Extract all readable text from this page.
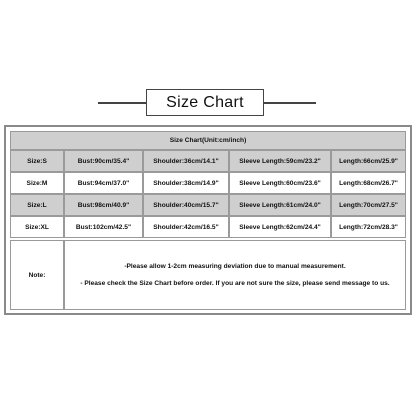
Size Chart
Size Chart(Unit:cm/inch)
Size:S	Bust:90cm/35.4"	Shoulder:36cm/14.1"	Sleeve Length:59cm/23.2"	Length:66cm/25.9"
Size:M	Bust:94cm/37.0"	Shoulder:38cm/14.9"	Sleeve Length:60cm/23.6"	Length:68cm/26.7"
Size:L	Bust:98cm/40.9"	Shoulder:40cm/15.7"	Sleeve Length:61cm/24.0"	Length:70cm/27.5"
Size:XL	Bust:102cm/42.5"	Shoulder:42cm/16.5"	Sleeve Length:62cm/24.4"	Length:72cm/28.3"
Note:
-Please allow 1-2cm measuring deviation due to manual measurement.
- Please check the Size Chart before order. If you are not sure the size, please send message to us.
